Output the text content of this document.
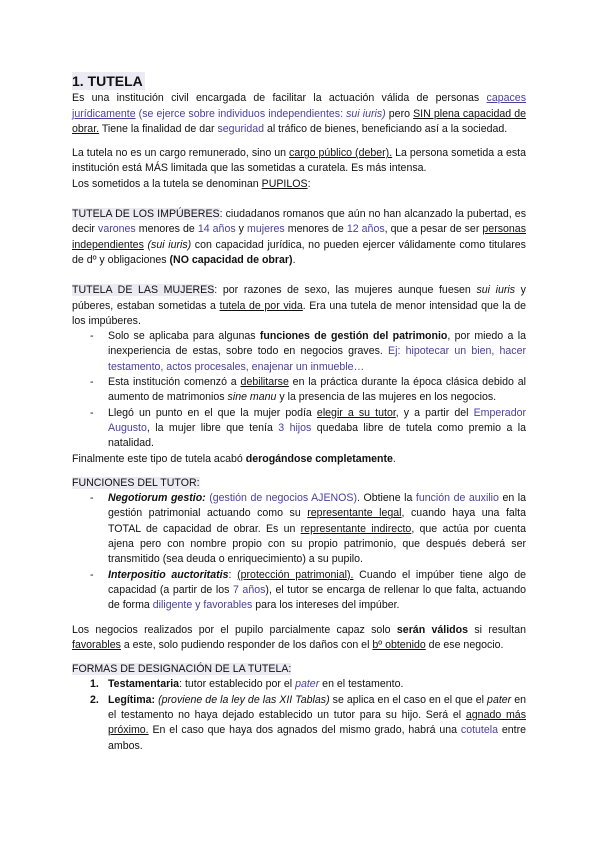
1. TUTELA

Es una institución civil encargada de facilitar la actuación válida de personas capaces jurídicamente (se ejerce sobre individuos independientes: sui iuris) pero SIN plena capacidad de obrar. Tiene la finalidad de dar seguridad al tráfico de bienes, beneficiando así a la sociedad.

La tutela no es un cargo remunerado, sino un cargo público (deber). La persona sometida a esta institución está MÁS limitada que las sometidas a curatela. Es más intensa.

Los sometidos a la tutela se denominan PUPILOS:

TUTELA DE LOS IMPÚBERES: ciudadanos romanos que aún no han alcanzado la pubertad, es decir varones menores de 14 años y mujeres menores de 12 años, que a pesar de ser personas independientes (sui iuris) con capacidad jurídica, no pueden ejercer válidamente como titulares de dº y obligaciones (NO capacidad de obrar).

TUTELA DE LAS MUJERES: por razones de sexo, las mujeres aunque fuesen sui iuris y púberes, estaban sometidas a tutela de por vida. Era una tutela de menor intensidad que la de los impúberes.

- Solo se aplicaba para algunas funciones de gestión del patrimonio, por miedo a la inexperiencia de estas, sobre todo en negocios graves. Ej: hipotecar un bien, hacer testamento, actos procesales, enajenar un inmueble…
- Esta institución comenzó a debilitarse en la práctica durante la época clásica debido al aumento de matrimonios sine manu y la presencia de las mujeres en los negocios.
- Llegó un punto en el que la mujer podía elegir a su tutor, y a partir del Emperador Augusto, la mujer libre que tenía 3 hijos quedaba libre de tutela como premio a la natalidad.

Finalmente este tipo de tutela acabó derogándose completamente.

FUNCIONES DEL TUTOR:

- Negotiorum gestio: (gestión de negocios AJENOS). Obtiene la función de auxilio en la gestión patrimonial actuando como su representante legal, cuando haya una falta TOTAL de capacidad de obrar. Es un representante indirecto, que actúa por cuenta ajena pero con nombre propio con su propio patrimonio, que después deberá ser transmitido (sea deuda o enriquecimiento) a su pupilo.
- Interpositio auctoritatis: (protección patrimonial). Cuando el impúber tiene algo de capacidad (a partir de los 7 años), el tutor se encarga de rellenar lo que falta, actuando de forma diligente y favorables para los intereses del impúber.

Los negocios realizados por el pupilo parcialmente capaz solo serán válidos si resultan favorables a este, solo pudiendo responder de los daños con el bº obtenido de ese negocio.

FORMAS DE DESIGNACIÓN DE LA TUTELA:

1. Testamentaria: tutor establecido por el pater en el testamento.
2. Legítima: (proviene de la ley de las XII Tablas) se aplica en el caso en el que el pater en el testamento no haya dejado establecido un tutor para su hijo. Será el agnado más próximo. En el caso que haya dos agnados del mismo grado, habrá una cotutela entre ambos.
